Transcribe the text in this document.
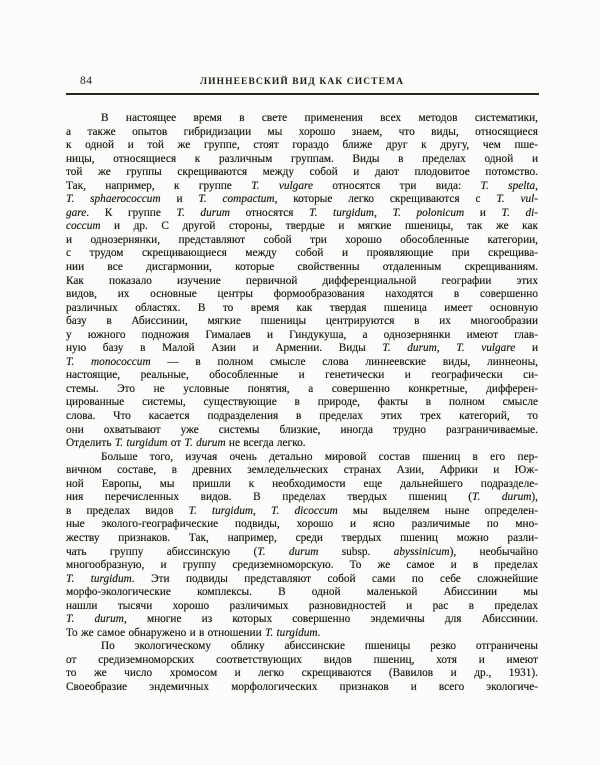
84	ЛИННЕЕВСКИЙ ВИД КАК СИСТЕМА
В настоящее время в свете применения всех методов систематики,
а также опытов гибридизации мы хорошо знаем, что виды, относящиеся
к одной и той же группе, стоят гораздо ближе друг к другу, чем пше-
ницы, относящиеся к различным группам. Виды в пределах одной и
той же группы скрещиваются между собой и дают плодовитое потомство.
Так, например, к группе T. vulgare относятся три вида: T. spelta,
T. sphaerococcum и T. compactum, которые легко скрещиваются с T. vul-
gare. К группе T. durum относятся T. turgidum, T. polonicum и T. di-
coccum и др. С другой стороны, твердые и мягкие пшеницы, так же как
и однозернянки, представляют собой три хорошо обособленные категории,
с трудом скрещивающиеся между собой и проявляющие при скрещива-
нии все дисгармонии, которые свойственны отдаленным скрещиваниям.
Как показало изучение первичной дифференциальной географии этих
видов, их основные центры формообразования находятся в совершенно
различных областях. В то время как твердая пшеница имеет основную
базу в Абиссинии, мягкие пшеницы центрируются в их многообразии
у южного подножия Гималаев и Гиндукуша, а однозернянки имеют глав-
ную базу в Малой Азии и Армении. Виды T. durum, T. vulgare и
T. monococcum — в полном смысле слова линнеевские виды, линнеоны,
настоящие, реальные, обособленные и генетически и географически си-
стемы. Это не условные понятия, а совершенно конкретные, дифферен-
цированные системы, существующие в природе, факты в полном смысле
слова. Что касается подразделения в пределах этих трех категорий, то
они охватывают уже системы близкие, иногда трудно разграничиваемые.
Отделить T. turgidum от T. durum не всегда легко.
Больше того, изучая очень детально мировой состав пшениц в его пер-
вичном составе, в древних земледельческих странах Азии, Африки и Юж-
ной Европы, мы пришли к необходимости еще дальнейшего подразделе-
ния перечисленных видов. В пределах твердых пшениц (T. durum),
в пределах видов T. turgidum, T. dicoccum мы выделяем ныне определен-
ные эколого-географические подвиды, хорошо и ясно различимые по мно-
жеству признаков. Так, например, среди твердых пшениц можно разли-
чать группу абиссинскую (T. durum subsp. abyssinicum), необычайно
многообразную, и группу средиземноморскую. То же самое и в пределах
T. turgidum. Эти подвиды представляют собой сами по себе сложнейшие
морфо-экологические комплексы. В одной маленькой Абиссинии мы
нашли тысячи хорошо различимых разновидностей и рас в пределах
T. durum, многие из которых совершенно эндемичны для Абиссинии.
То же самое обнаружено и в отношении T. turgidum.
По экологическому облику абиссинские пшеницы резко отграничены
от средиземноморских соответствующих видов пшениц, хотя и имеют
то же число хромосом и легко скрещиваются (Вавилов и др., 1931).
Своеобразие эндемичных морфологических признаков и всего экологиче-
